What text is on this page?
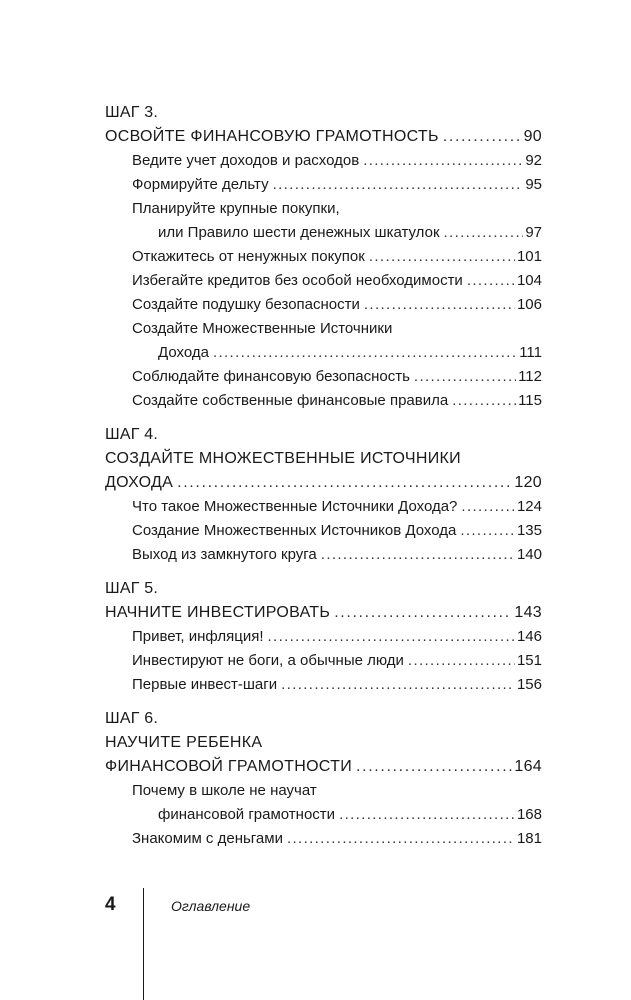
ШАГ 3.
ОСВОЙТЕ ФИНАНСОВУЮ ГРАМОТНОСТЬ . . .	90
Ведите учет доходов и расходов . . .	92
Формируйте дельту . . .	95
Планируйте крупные покупки,
или Правило шести денежных шкатулок . . .	97
Откажитесь от ненужных покупок . . .	101
Избегайте кредитов без особой необходимости . . .	104
Создайте подушку безопасности . . .	106
Создайте Множественные Источники
Дохода . . .	111
Соблюдайте финансовую безопасность . . .	112
Создайте собственные финансовые правила . . .	115
ШАГ 4.
СОЗДАЙТЕ МНОЖЕСТВЕННЫЕ ИСТОЧНИКИ
ДОХОДА . . .	120
Что такое Множественные Источники Дохода? . . .	124
Создание Множественных Источников Дохода . . .	135
Выход из замкнутого круга . . .	140
ШАГ 5.
НАЧНИТЕ ИНВЕСТИРОВАТЬ . . .	143
Привет, инфляция! . . .	146
Инвестируют не боги, а обычные люди . . .	151
Первые инвест-шаги . . .	156
ШАГ 6.
НАУЧИТЕ РЕБЕНКА
ФИНАНСОВОЙ ГРАМОТНОСТИ . . .	164
Почему в школе не научат
финансовой грамотности . . .	168
Знакомим с деньгами . . .	181
4	Оглавление
